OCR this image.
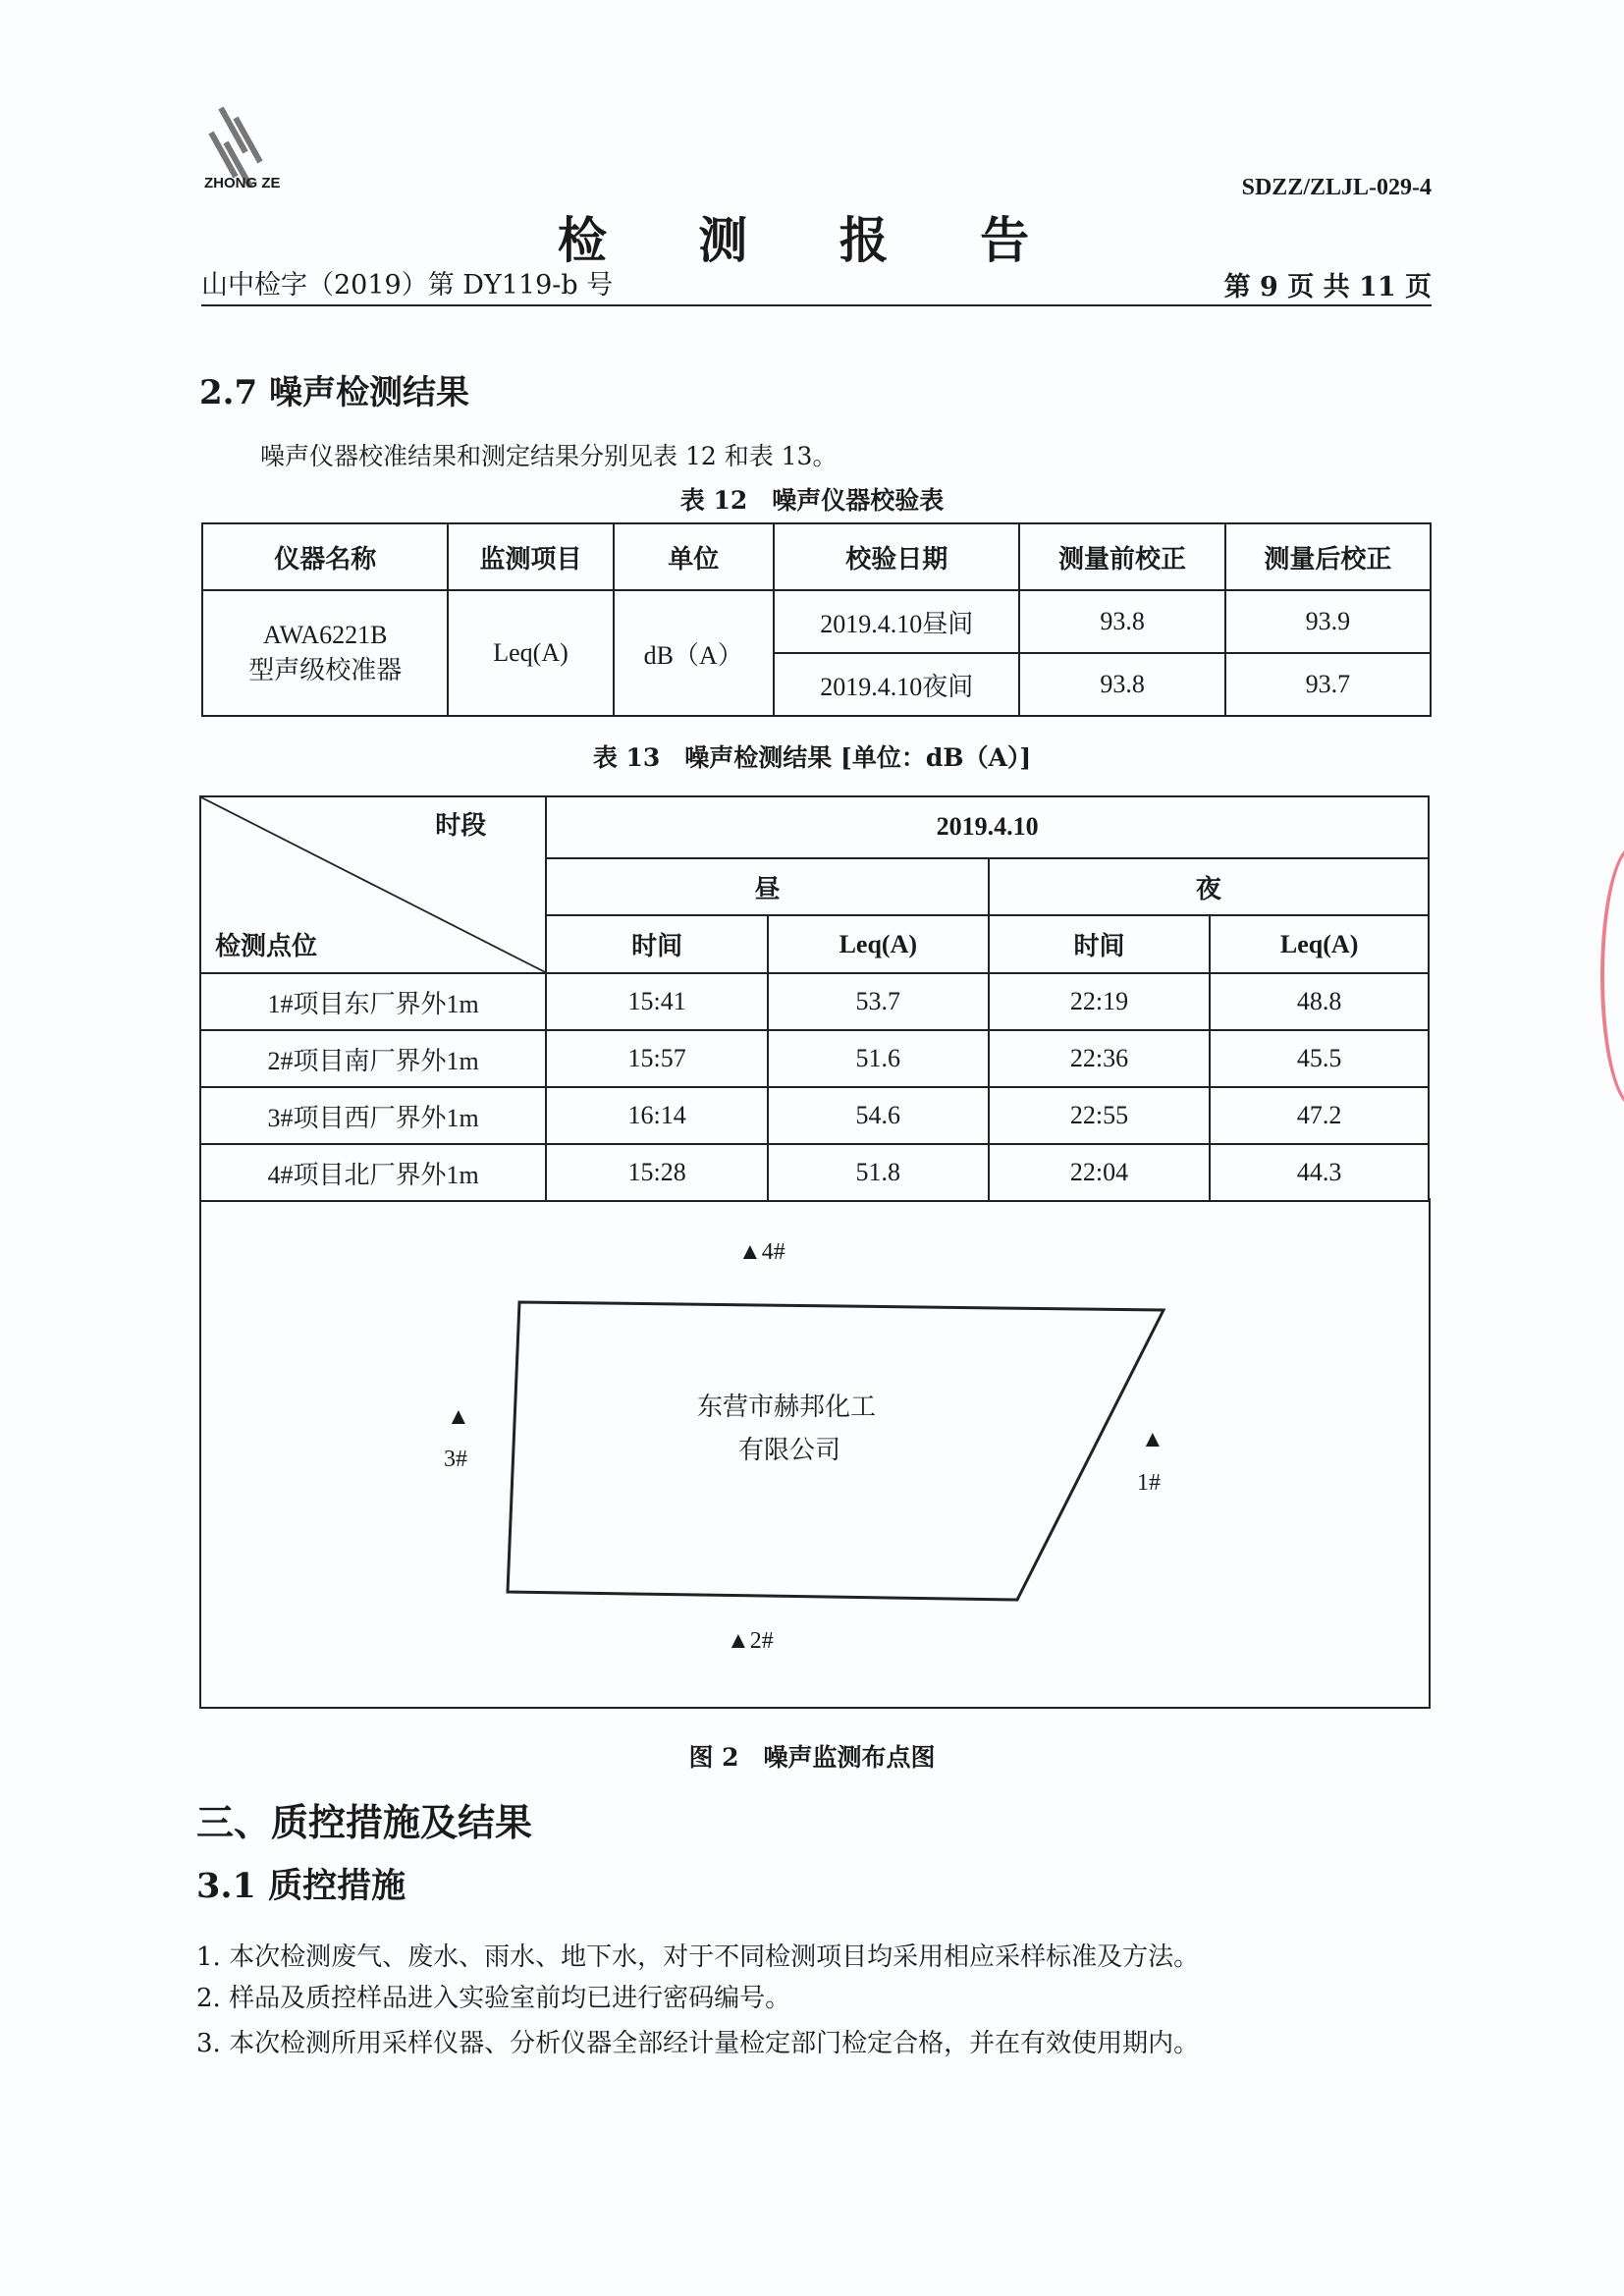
ZHONG ZE	SDZZ/ZLJL-029-4
检 测 报 告
山中检字（2019）第 DY119-b 号	第 9 页 共 11 页
2.7 噪声检测结果
噪声仪器校准结果和测定结果分别见表 12 和表 13。
表 12　噪声仪器校验表
仪器名称	监测项目	单位	校验日期	测量前校正	测量后校正

AWA6221B
型声级校准器	Leq(A)	dB（A）	2019.4.10昼间	93.8	93.9
			2019.4.10夜间	93.8	93.7
表 13　噪声检测结果 [单位：dB（A）]
时段
检测点位	2019.4.10			
	昼		夜	
	时间	Leq(A)	时间	Leq(A)
1#项目东厂界外1m	15:41	53.7	22:19	48.8
2#项目南厂界外1m	15:57	51.6	22:36	45.5
3#项目西厂界外1m	16:14	54.6	22:55	47.2
4#项目北厂界外1m	15:28	51.8	22:04	44.3
▲4#
▲
3#
▲
1#
▲2#
东营市赫邦化工
有限公司
图 2　噪声监测布点图
三、质控措施及结果
3.1 质控措施
1. 本次检测废气、废水、雨水、地下水，对于不同检测项目均采用相应采样标准及方法。
2. 样品及质控样品进入实验室前均已进行密码编号。
3. 本次检测所用采样仪器、分析仪器全部经计量检定部门检定合格，并在有效使用期内。
